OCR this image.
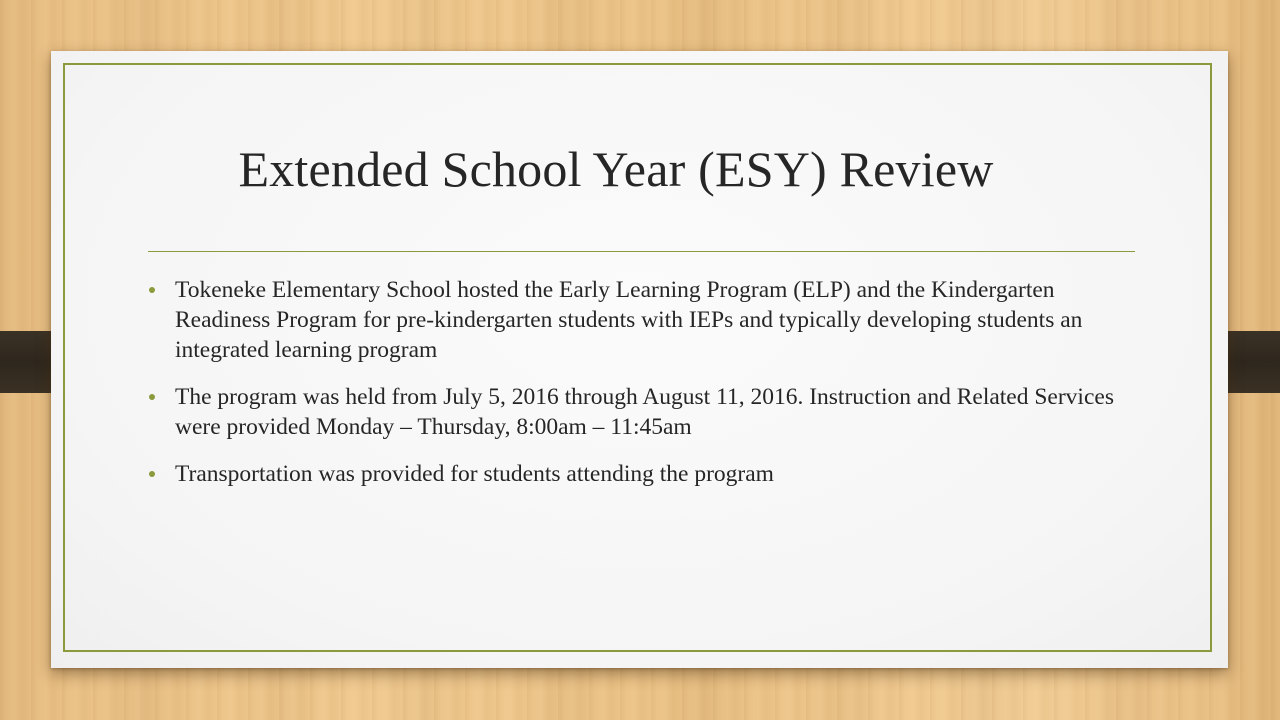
Extended School Year (ESY) Review
Tokeneke Elementary School hosted the Early Learning Program (ELP) and the Kindergarten Readiness Program for pre-kindergarten students with IEPs and typically developing students an integrated learning program
The program was held from July 5, 2016 through August 11, 2016. Instruction and Related Services were provided Monday – Thursday, 8:00am – 11:45am
Transportation was provided for students attending the program
